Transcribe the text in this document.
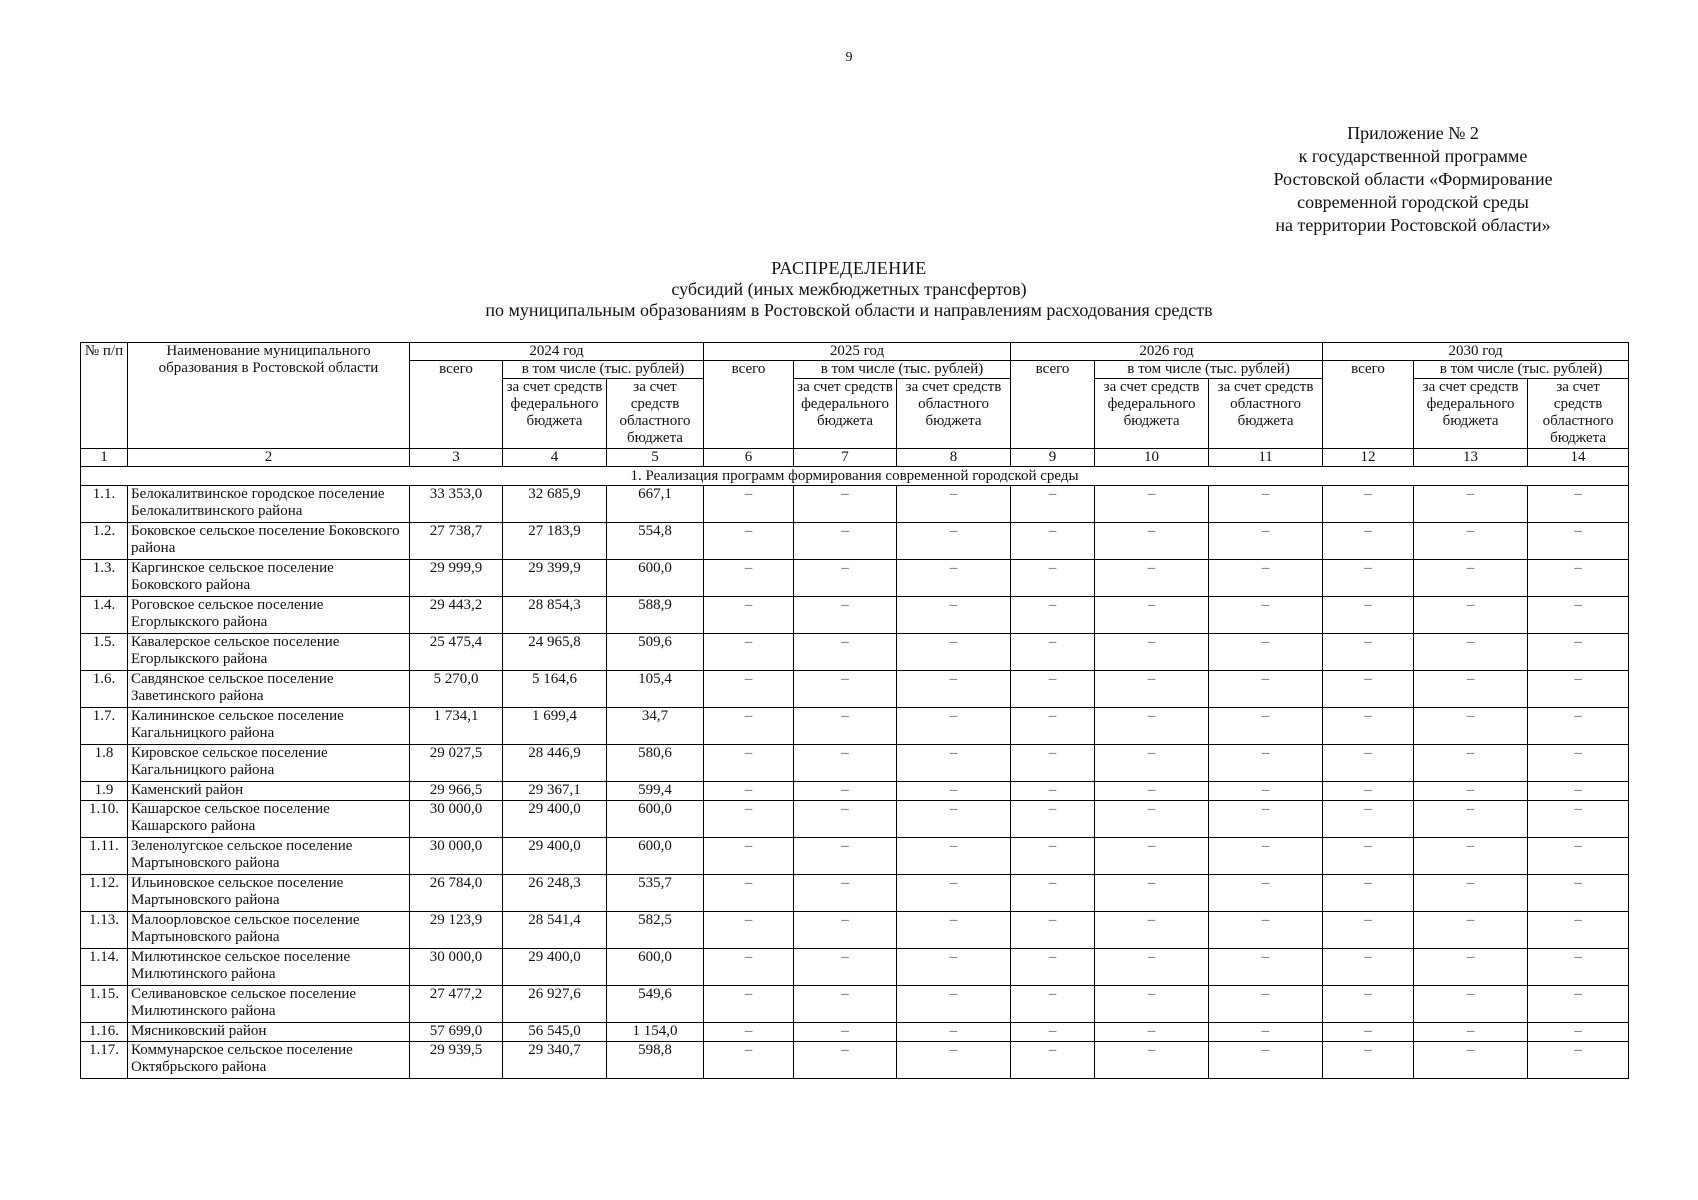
9
Приложение № 2
к государственной программе
Ростовской области «Формирование
современной городской среды
на территории Ростовской области»
РАСПРЕДЕЛЕНИЕ
субсидий (иных межбюджетных трансфертов)
по муниципальным образованиям в Ростовской области и направлениям расходования средств
№ п/п	Наименование муниципального образования в Ростовской области	2024 год			2025 год			2026 год			2030 год		
		всего	в том числе (тыс. рублей)		всего	в том числе (тыс. рублей)		всего	в том числе (тыс. рублей)		всего	в том числе (тыс. рублей)	
			за счет средств федерального бюджета	за счет средств областного бюджета		за счет средств федерального бюджета	за счет средств областного бюджета		за счет средств федерального бюджета	за счет средств областного бюджета		за счет средств федерального бюджета	за счет средств областного бюджета
1	2	3	4	5	6	7	8	9	10	11	12	13	14
1. Реализация программ формирования современной городской среды													
1.1.	Белокалитвинское городское поселение Белокалитвинского района	33 353,0	32 685,9	667,1	–	–	–	–	–	–	–	–	–
1.2.	Боковское сельское поселение Боковского района	27 738,7	27 183,9	554,8	–	–	–	–	–	–	–	–	–
1.3.	Каргинское сельское поселение Боковского района	29 999,9	29 399,9	600,0	–	–	–	–	–	–	–	–	–
1.4.	Роговское сельское поселение Егорлыкского района	29 443,2	28 854,3	588,9	–	–	–	–	–	–	–	–	–
1.5.	Кавалерское сельское поселение Егорлыкского района	25 475,4	24 965,8	509,6	–	–	–	–	–	–	–	–	–
1.6.	Савдянское сельское поселение Заветинского района	5 270,0	5 164,6	105,4	–	–	–	–	–	–	–	–	–
1.7.	Калининское сельское поселение Кагальницкого района	1 734,1	1 699,4	34,7	–	–	–	–	–	–	–	–	–
1.8	Кировское сельское поселение Кагальницкого района	29 027,5	28 446,9	580,6	–	–	–	–	–	–	–	–	–
1.9	Каменский район	29 966,5	29 367,1	599,4	–	–	–	–	–	–	–	–	–
1.10.	Кашарское сельское поселение Кашарского района	30 000,0	29 400,0	600,0	–	–	–	–	–	–	–	–	–
1.11.	Зеленолугское сельское поселение Мартыновского района	30 000,0	29 400,0	600,0	–	–	–	–	–	–	–	–	–
1.12.	Ильиновское сельское поселение Мартыновского района	26 784,0	26 248,3	535,7	–	–	–	–	–	–	–	–	–
1.13.	Малоорловское сельское поселение Мартыновского района	29 123,9	28 541,4	582,5	–	–	–	–	–	–	–	–	–
1.14.	Милютинское сельское поселение Милютинского района	30 000,0	29 400,0	600,0	–	–	–	–	–	–	–	–	–
1.15.	Селивановское сельское поселение Милютинского района	27 477,2	26 927,6	549,6	–	–	–	–	–	–	–	–	–
1.16.	Мясниковский район	57 699,0	56 545,0	1 154,0	–	–	–	–	–	–	–	–	–
1.17.	Коммунарское сельское поселение Октябрьского района	29 939,5	29 340,7	598,8	–	–	–	–	–	–	–	–	–
